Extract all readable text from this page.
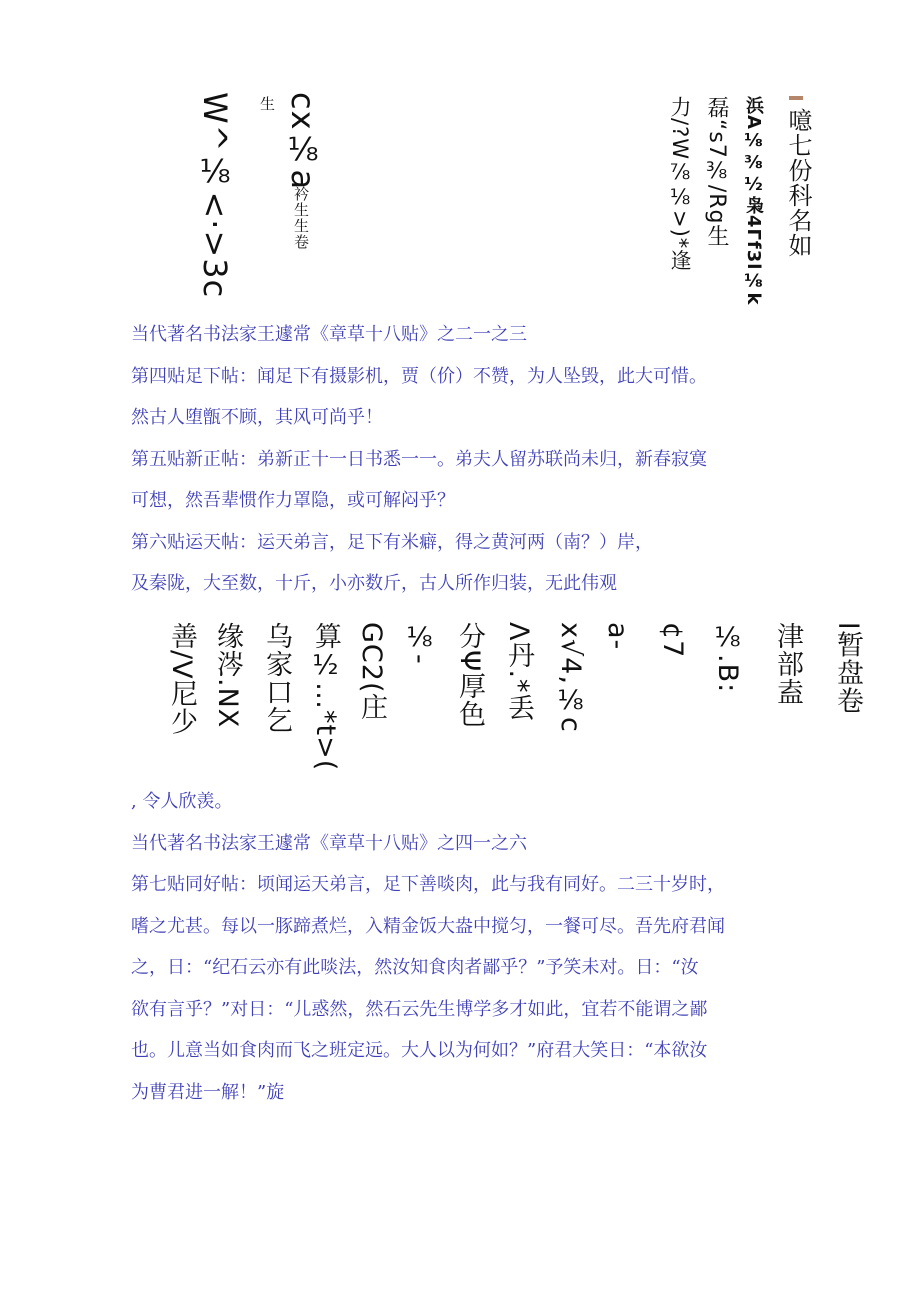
W^⅛<·>3c cx⅛a
衿生生卷
生	力/?W⅞⅛>)*逢 磊“s7⅜/Rg生 浜A⅛⅜½枭4Γf3l⅛k 噫七份科名如

当代著名书法家王遽常《章草十八贴》之二一之三

第四贴足下帖：闻足下有摄影机，贾（价）不赞，为人坠毁，此大可惜。

然古人堕甑不顾，其风可尚乎！

第五贴新正帖：弟新正十一日书悉一一。弟夫人留苏联尚未归，新春寂寞

可想，然吾辈惯作力罩隐，或可解闷乎？

第六贴运天帖：运天弟言，足下有米癖，得之黄河两（南？）岸，

及秦陇，大至数，十斤，小亦数斤，古人所作归装，无此伟观

善/V尼少 缘涔.NX 乌家口乞 算½…*t>( GC2(庄 ⅛- 分Ψ厚色 Λ丹.*丢 x√4,⅛c a- ¢7 ⅛.B: 津部盍 l暂盘卷

, 令人欣羡。

当代著名书法家王遽常《章草十八贴》之四一之六

第七贴同好帖：顷闻运天弟言，足下善啖肉，此与我有同好。二三十岁时，

嗜之尤甚。每以一豚蹄煮烂，入精金饭大盎中搅匀，一餐可尽。吾先府君闻

之，日：“纪石云亦有此啖法，然汝知食肉者鄙乎？”予笑未对。日：“汝

欲有言乎？”对日：“儿惑然，然石云先生博学多才如此，宜若不能谓之鄙

也。儿意当如食肉而飞之班定远。大人以为何如？”府君大笑日：“本欲汝

为曹君进一解！”旋
